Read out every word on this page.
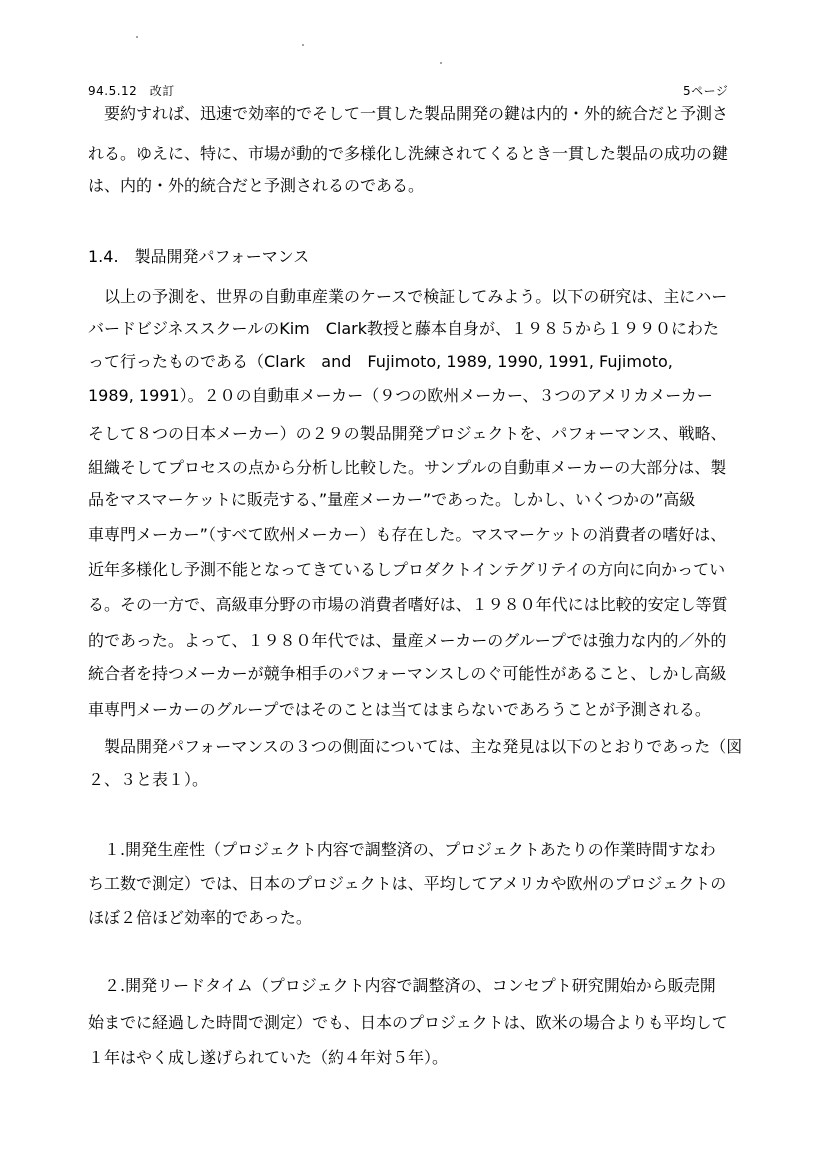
94.5.12　改訂	5ページ
　要約すれば、迅速で効率的でそして一貫した製品開発の鍵は内的・外的統合だと予測さ
れる。ゆえに、特に、市場が動的で多様化し洗練されてくるとき一貫した製品の成功の鍵
は、内的・外的統合だと予測されるのである。
1.4.　製品開発パフォーマンス
　以上の予測を、世界の自動車産業のケースで検証してみよう。以下の研究は、主にハー
バードビジネススクールのKim　Clark教授と藤本自身が、１９８５から１９９０にわた
って行ったものである（Clark　and　Fujimoto, 1989, 1990, 1991, Fujimoto,
1989, 1991）。２０の自動車メーカー（９つの欧州メーカー、３つのアメリカメーカー
そして８つの日本メーカー）の２９の製品開発プロジェクトを、パフォーマンス、戦略、
組織そしてプロセスの点から分析し比較した。サンプルの自動車メーカーの大部分は、製
品をマスマーケットに販売する、”量産メーカー”であった。しかし、いくつかの”高級
車専門メーカー”（すべて欧州メーカー）も存在した。マスマーケットの消費者の嗜好は、
近年多様化し予測不能となってきているしプロダクトインテグリテイの方向に向かってい
る。その一方で、高級車分野の市場の消費者嗜好は、１９８０年代には比較的安定し等質
的であった。よって、１９８０年代では、量産メーカーのグループでは強力な内的／外的
統合者を持つメーカーが競争相手のパフォーマンスしのぐ可能性があること、しかし高級
車専門メーカーのグループではそのことは当てはまらないであろうことが予測される。
　製品開発パフォーマンスの３つの側面については、主な発見は以下のとおりであった（図
２、３と表１）。
　１.開発生産性（プロジェクト内容で調整済の、プロジェクトあたりの作業時間すなわ
ち工数で測定）では、日本のプロジェクトは、平均してアメリカや欧州のプロジェクトの
ほぼ２倍ほど効率的であった。
　２.開発リードタイム（プロジェクト内容で調整済の、コンセプト研究開始から販売開
始までに経過した時間で測定）でも、日本のプロジェクトは、欧米の場合よりも平均して
１年はやく成し遂げられていた（約４年対５年）。
